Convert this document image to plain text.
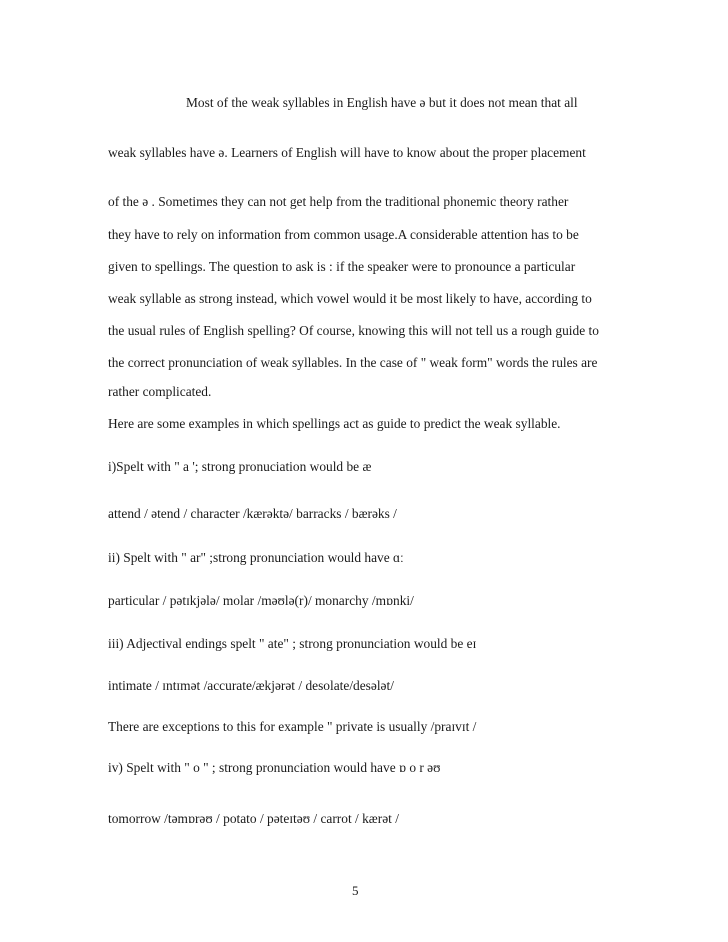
Most of the weak syllables in English have ə but it does not mean that all
weak syllables have ə. Learners of English will have to know about the proper placement
of the ə . Sometimes they can not get help from the traditional phonemic theory rather
they have to rely on information from common usage.A considerable attention has to be
given to spellings. The question to ask is : if the speaker were to pronounce a particular
weak syllable as strong instead, which vowel would it be most likely to have, according to
the usual rules of English spelling? Of course, knowing this will not tell us a rough guide to
the correct pronunciation of weak syllables. In the case of " weak form" words the rules are
rather complicated.
Here are some examples in which spellings act as guide to predict the weak syllable.
i)Spelt with " a '; strong pronuciation would be æ
attend / ətend / character /kærəktə/ barracks / bærəks /
ii) Spelt with " ar" ;strong pronunciation would have ɑː
particular / pətɪkjələ/ molar /məʊlə(r)/ monarchy /mɒnki/
iii) Adjectival endings spelt " ate" ; strong pronunciation would be eɪ
intimate / ɪntɪmət /accurate/ækjərət / desolate/desələt/
There are exceptions to this for example " private is usually /praɪvɪt /
iv) Spelt with " o " ; strong pronunciation would have ɒ o r əʊ
tomorrow /təmɒrəʊ / potato / pəteɪtəʊ / carrot / kærət /
5
